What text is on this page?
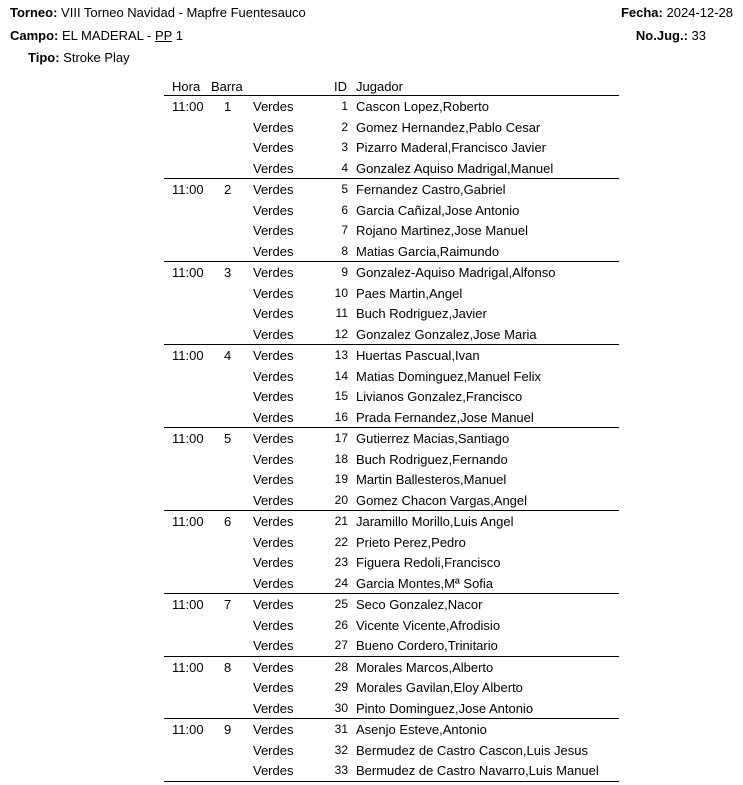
Torneo: VIII Torneo Navidad - Mapfre Fuentesauco
Campo: EL MADERAL - PP 1
Tipo: Stroke Play
Fecha: 2024-12-28
No.Jug.: 33
Hora Barra	ID Jugador
11:00 1 Verdes	1 Cascon Lopez,Roberto
Verdes	2 Gomez Hernandez,Pablo Cesar
Verdes	3 Pizarro Maderal,Francisco Javier
Verdes	4 Gonzalez Aquiso Madrigal,Manuel
11:00 2 Verdes	5 Fernandez Castro,Gabriel
Verdes	6 Garcia Cañizal,Jose Antonio
Verdes	7 Rojano Martinez,Jose Manuel
Verdes	8 Matias Garcia,Raimundo
11:00 3 Verdes	9 Gonzalez-Aquiso Madrigal,Alfonso
Verdes	10 Paes Martin,Angel
Verdes	11 Buch Rodriguez,Javier
Verdes	12 Gonzalez Gonzalez,Jose Maria
11:00 4 Verdes	13 Huertas Pascual,Ivan
Verdes	14 Matias Dominguez,Manuel Felix
Verdes	15 Livianos Gonzalez,Francisco
Verdes	16 Prada Fernandez,Jose Manuel
11:00 5 Verdes	17 Gutierrez Macias,Santiago
Verdes	18 Buch Rodriguez,Fernando
Verdes	19 Martin Ballesteros,Manuel
Verdes	20 Gomez Chacon Vargas,Angel
11:00 6 Verdes	21 Jaramillo Morillo,Luis Angel
Verdes	22 Prieto Perez,Pedro
Verdes	23 Figuera Redoli,Francisco
Verdes	24 Garcia Montes,Mª Sofia
11:00 7 Verdes	25 Seco Gonzalez,Nacor
Verdes	26 Vicente Vicente,Afrodisio
Verdes	27 Bueno Cordero,Trinitario
11:00 8 Verdes	28 Morales Marcos,Alberto
Verdes	29 Morales Gavilan,Eloy Alberto
Verdes	30 Pinto Dominguez,Jose Antonio
11:00 9 Verdes	31 Asenjo Esteve,Antonio
Verdes	32 Bermudez de Castro Cascon,Luis Jesus
Verdes	33 Bermudez de Castro Navarro,Luis Manuel
